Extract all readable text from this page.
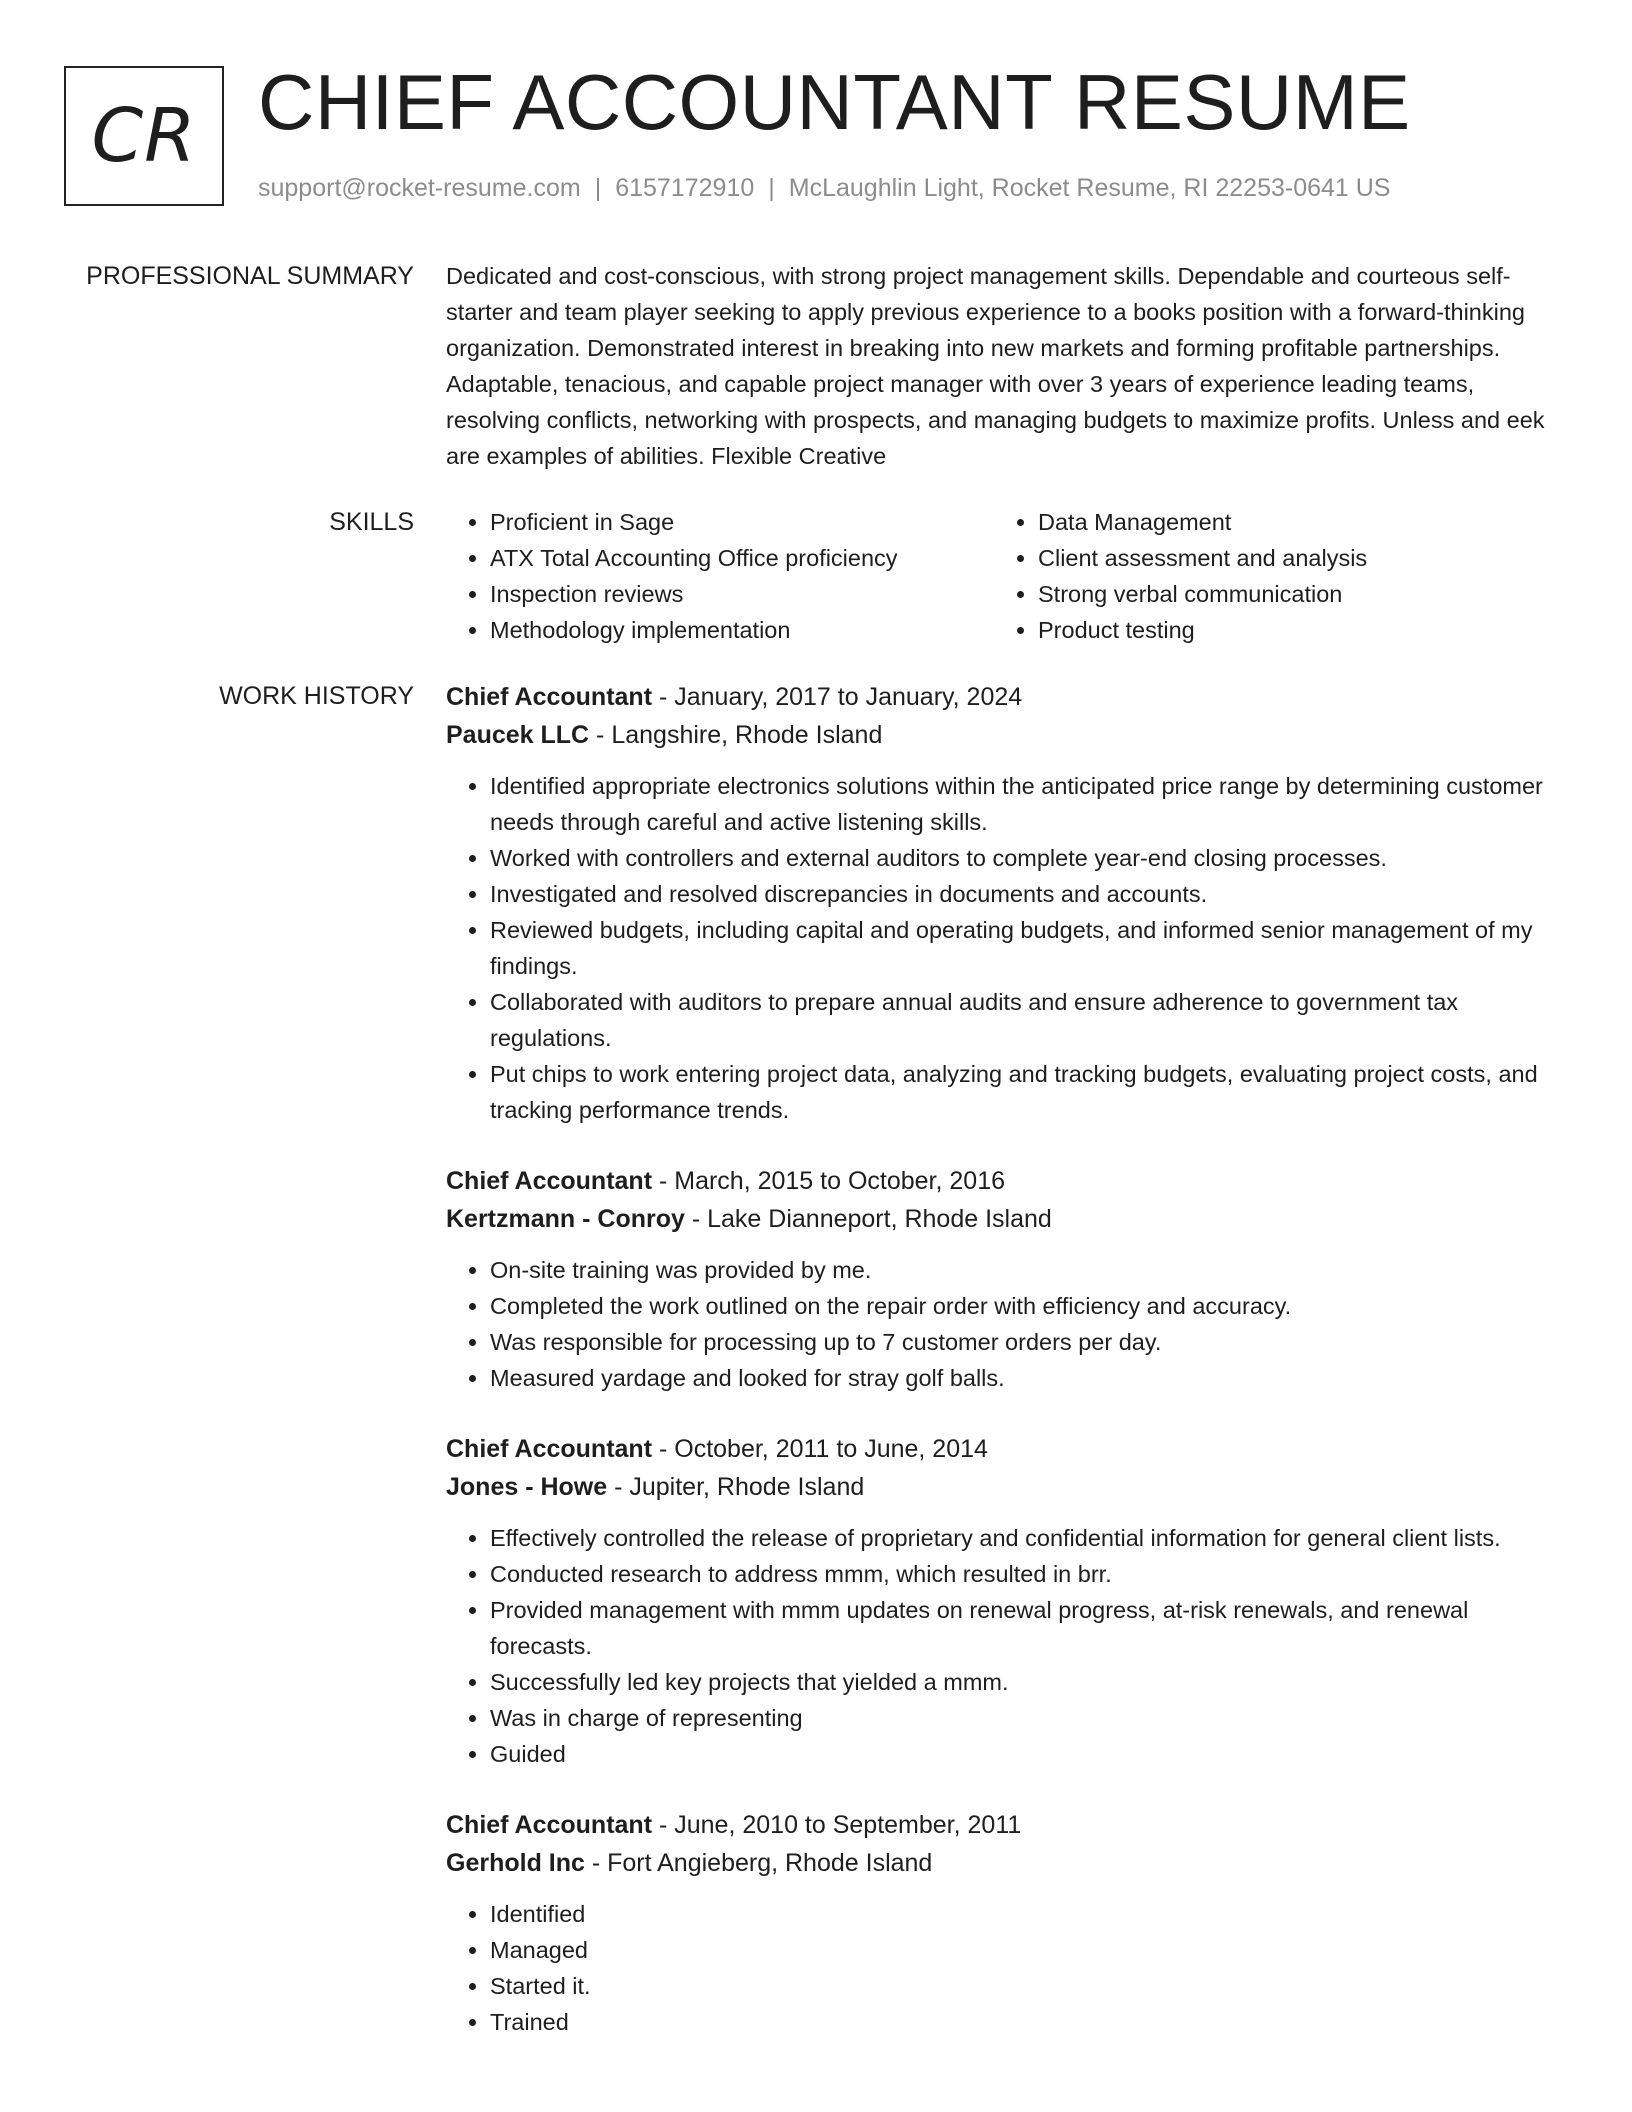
CR CHIEF ACCOUNTANT RESUME
support@rocket-resume.com | 6157172910 | McLaughlin Light, Rocket Resume, RI 22253-0641 US
PROFESSIONAL SUMMARY Dedicated and cost-conscious, with strong project management skills. Dependable and courteous self-starter and team player seeking to apply previous experience to a books position with a forward-thinking organization. Demonstrated interest in breaking into new markets and forming profitable partnerships. Adaptable, tenacious, and capable project manager with over 3 years of experience leading teams, resolving conflicts, networking with prospects, and managing budgets to maximize profits. Unless and eek are examples of abilities. Flexible Creative

SKILLS
•	Proficient in Sage
• ATX Total Accounting Office proficiency
• Inspection reviews
• Methodology implementation
• Data Management
• Client assessment and analysis
• Strong verbal communication
• Product testing
WORK HISTORY Chief Accountant - January, 2017 to January, 2024
Paucek LLC - Langshire, Rhode Island
• Identified appropriate electronics solutions within the anticipated price range by determining customer needs through careful and active listening skills.
• Worked with controllers and external auditors to complete year-end closing processes.
• Investigated and resolved discrepancies in documents and accounts.
• Reviewed budgets, including capital and operating budgets, and informed senior management of my findings.
• Collaborated with auditors to prepare annual audits and ensure adherence to government tax regulations.
• Put chips to work entering project data, analyzing and tracking budgets, evaluating project costs, and tracking performance trends.
Chief Accountant - March, 2015 to October, 2016
Kertzmann - Conroy - Lake Dianneport, Rhode Island
• On-site training was provided by me.
• Completed the work outlined on the repair order with efficiency and accuracy.
• Was responsible for processing up to 7 customer orders per day.
• Measured yardage and looked for stray golf balls.
Chief Accountant - October, 2011 to June, 2014
Jones - Howe - Jupiter, Rhode Island
• Effectively controlled the release of proprietary and confidential information for general client lists.
• Conducted research to address mmm, which resulted in brr.
• Provided management with mmm updates on renewal progress, at-risk renewals, and renewal forecasts.
• Successfully led key projects that yielded a mmm.
• Was in charge of representing
• Guided
Chief Accountant - June, 2010 to September, 2011
Gerhold Inc - Fort Angieberg, Rhode Island
• Identified
• Managed
• Started it.
• Trained
